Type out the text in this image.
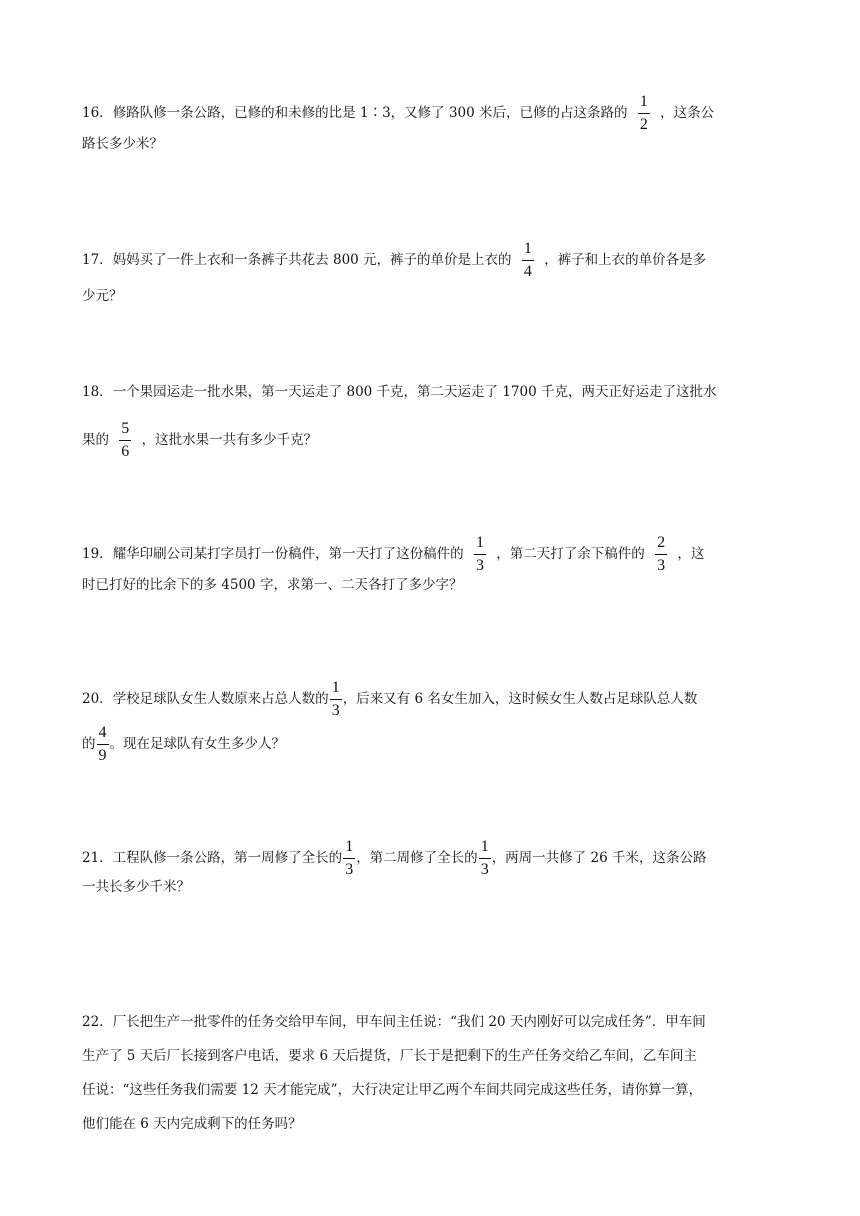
16．修路队修一条公路，已修的和未修的比是 1∶3，又修了 300 米后，已修的占这条路的 $\frac{1}{2}$ ，这条公
路长多少米？
17．妈妈买了一件上衣和一条裤子共花去 800 元，裤子的单价是上衣的 $\frac{1}{4}$ ，裤子和上衣的单价各是多
少元？
18．一个果园运走一批水果，第一天运走了 800 千克，第二天运走了 1700 千克，两天正好运走了这批水
果的 $\frac{5}{6}$ ，这批水果一共有多少千克？
19．耀华印刷公司某打字员打一份稿件，第一天打了这份稿件的 $\frac{1}{3}$ ，第二天打了余下稿件的 $\frac{2}{3}$ ，这
时已打好的比余下的多 4500 字，求第一、二天各打了多少字？
20．学校足球队女生人数原来占总人数的 $\frac{1}{3}$ ，后来又有 6 名女生加入，这时候女生人数占足球队总人数
的 $\frac{4}{9}$ 。现在足球队有女生多少人？
21．工程队修一条公路，第一周修了全长的 $\frac{1}{3}$ ，第二周修了全长的 $\frac{1}{3}$ ，两周一共修了 26 千米，这条公路
一共长多少千米？
22．厂长把生产一批零件的任务交给甲车间，甲车间主任说：“我们 20 天内刚好可以完成任务”．甲车间
生产了 5 天后厂长接到客户电话，要求 6 天后提货，厂长于是把剩下的生产任务交给乙车间，乙车间主
任说：“这些任务我们需要 12 天才能完成”，大行决定让甲乙两个车间共同完成这些任务，请你算一算，
他们能在 6 天内完成剩下的任务吗？
